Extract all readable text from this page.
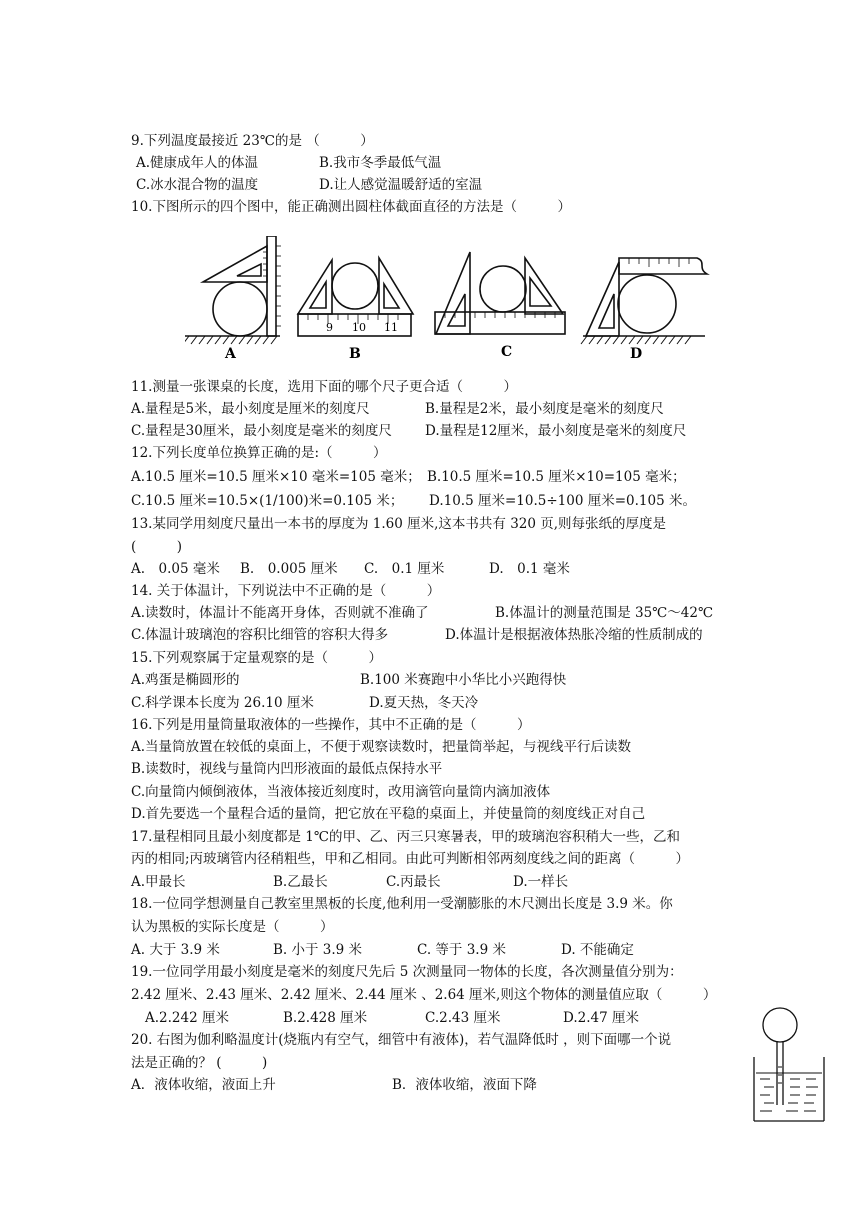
9.下列温度最接近 23℃的是 （　　　）
A.健康成年人的体温	B.我市冬季最低气温
C.冰水混合物的温度	D.让人感觉温暖舒适的室温
10.下图所示的四个图中，能正确测出圆柱体截面直径的方法是（　　　）
9 10 11
A	B	C	D
11.测量一张课桌的长度，选用下面的哪个尺子更合适（　　　）
A.量程是5米，最小刻度是厘米的刻度尺	B.量程是2米，最小刻度是毫米的刻度尺
C.量程是30厘米，最小刻度是毫米的刻度尺 D.量程是12厘米，最小刻度是毫米的刻度尺
12.下列长度单位换算正确的是:（　　　）
A.10.5 厘米=10.5 厘米×10 毫米=105 毫米； B.10.5 厘米=10.5 厘米×10=105 毫米；
C.10.5 厘米=10.5×(1/100)米=0.105 米； D.10.5 厘米=10.5÷100 厘米=0.105 米。
13.某同学用刻度尺量出一本书的厚度为 1.60 厘米,这本书共有 320 页,则每张纸的厚度是
(　　　)
A.　0.05 毫米 B.　0.005 厘米 C.　0.1 厘米	D.　0.1 毫米
14. 关于体温计，下列说法中不正确的是（　　　）
A.读数时，体温计不能离开身体，否则就不准确了	B.体温计的测量范围是 35℃～42℃
C.体温计玻璃泡的容积比细管的容积大得多	D.体温计是根据液体热胀冷缩的性质制成的
15.下列观察属于定量观察的是（　　　）
A.鸡蛋是椭圆形的	B.100 米赛跑中小华比小兴跑得快
C.科学课本长度为 26.10 厘米	D.夏天热，冬天冷
16.下列是用量筒量取液体的一些操作，其中不正确的是（　　　）
A.当量筒放置在较低的桌面上，不便于观察读数时，把量筒举起，与视线平行后读数
B.读数时，视线与量筒内凹形液面的最低点保持水平
C.向量筒内倾倒液体，当液体接近刻度时，改用滴管向量筒内滴加液体
D.首先要选一个量程合适的量筒，把它放在平稳的桌面上，并使量筒的刻度线正对自己
17.量程相同且最小刻度都是 1℃的甲、乙、丙三只寒暑表，甲的玻璃泡容积稍大一些，乙和
丙的相同;丙玻璃管内径稍粗些，甲和乙相同。由此可判断相邻两刻度线之间的距离（　　　）
A.甲最长	B.乙最长	C.丙最长	D.一样长
18.一位同学想测量自己教室里黑板的长度,他利用一受潮膨胀的木尺测出长度是 3.9 米。你
认为黑板的实际长度是（　　　）
A. 大于 3.9 米	B. 小于 3.9 米	C. 等于 3.9 米	D. 不能确定
19.一位同学用最小刻度是毫米的刻度尺先后 5 次测量同一物体的长度，各次测量值分别为：
2.42 厘米、2.43 厘米、2.42 厘米、2.44 厘米 、2.64 厘米,则这个物体的测量值应取（　　　）
A.2.242 厘米	B.2.428 厘米	C.2.43 厘米	D.2.47 厘米
20. 右图为伽利略温度计(烧瓶内有空气，细管中有液体)，若气温降低时 ，则下面哪一个说
法是正确的？ (　　　)
A．液体收缩，液面上升	B．液体收缩，液面下降
